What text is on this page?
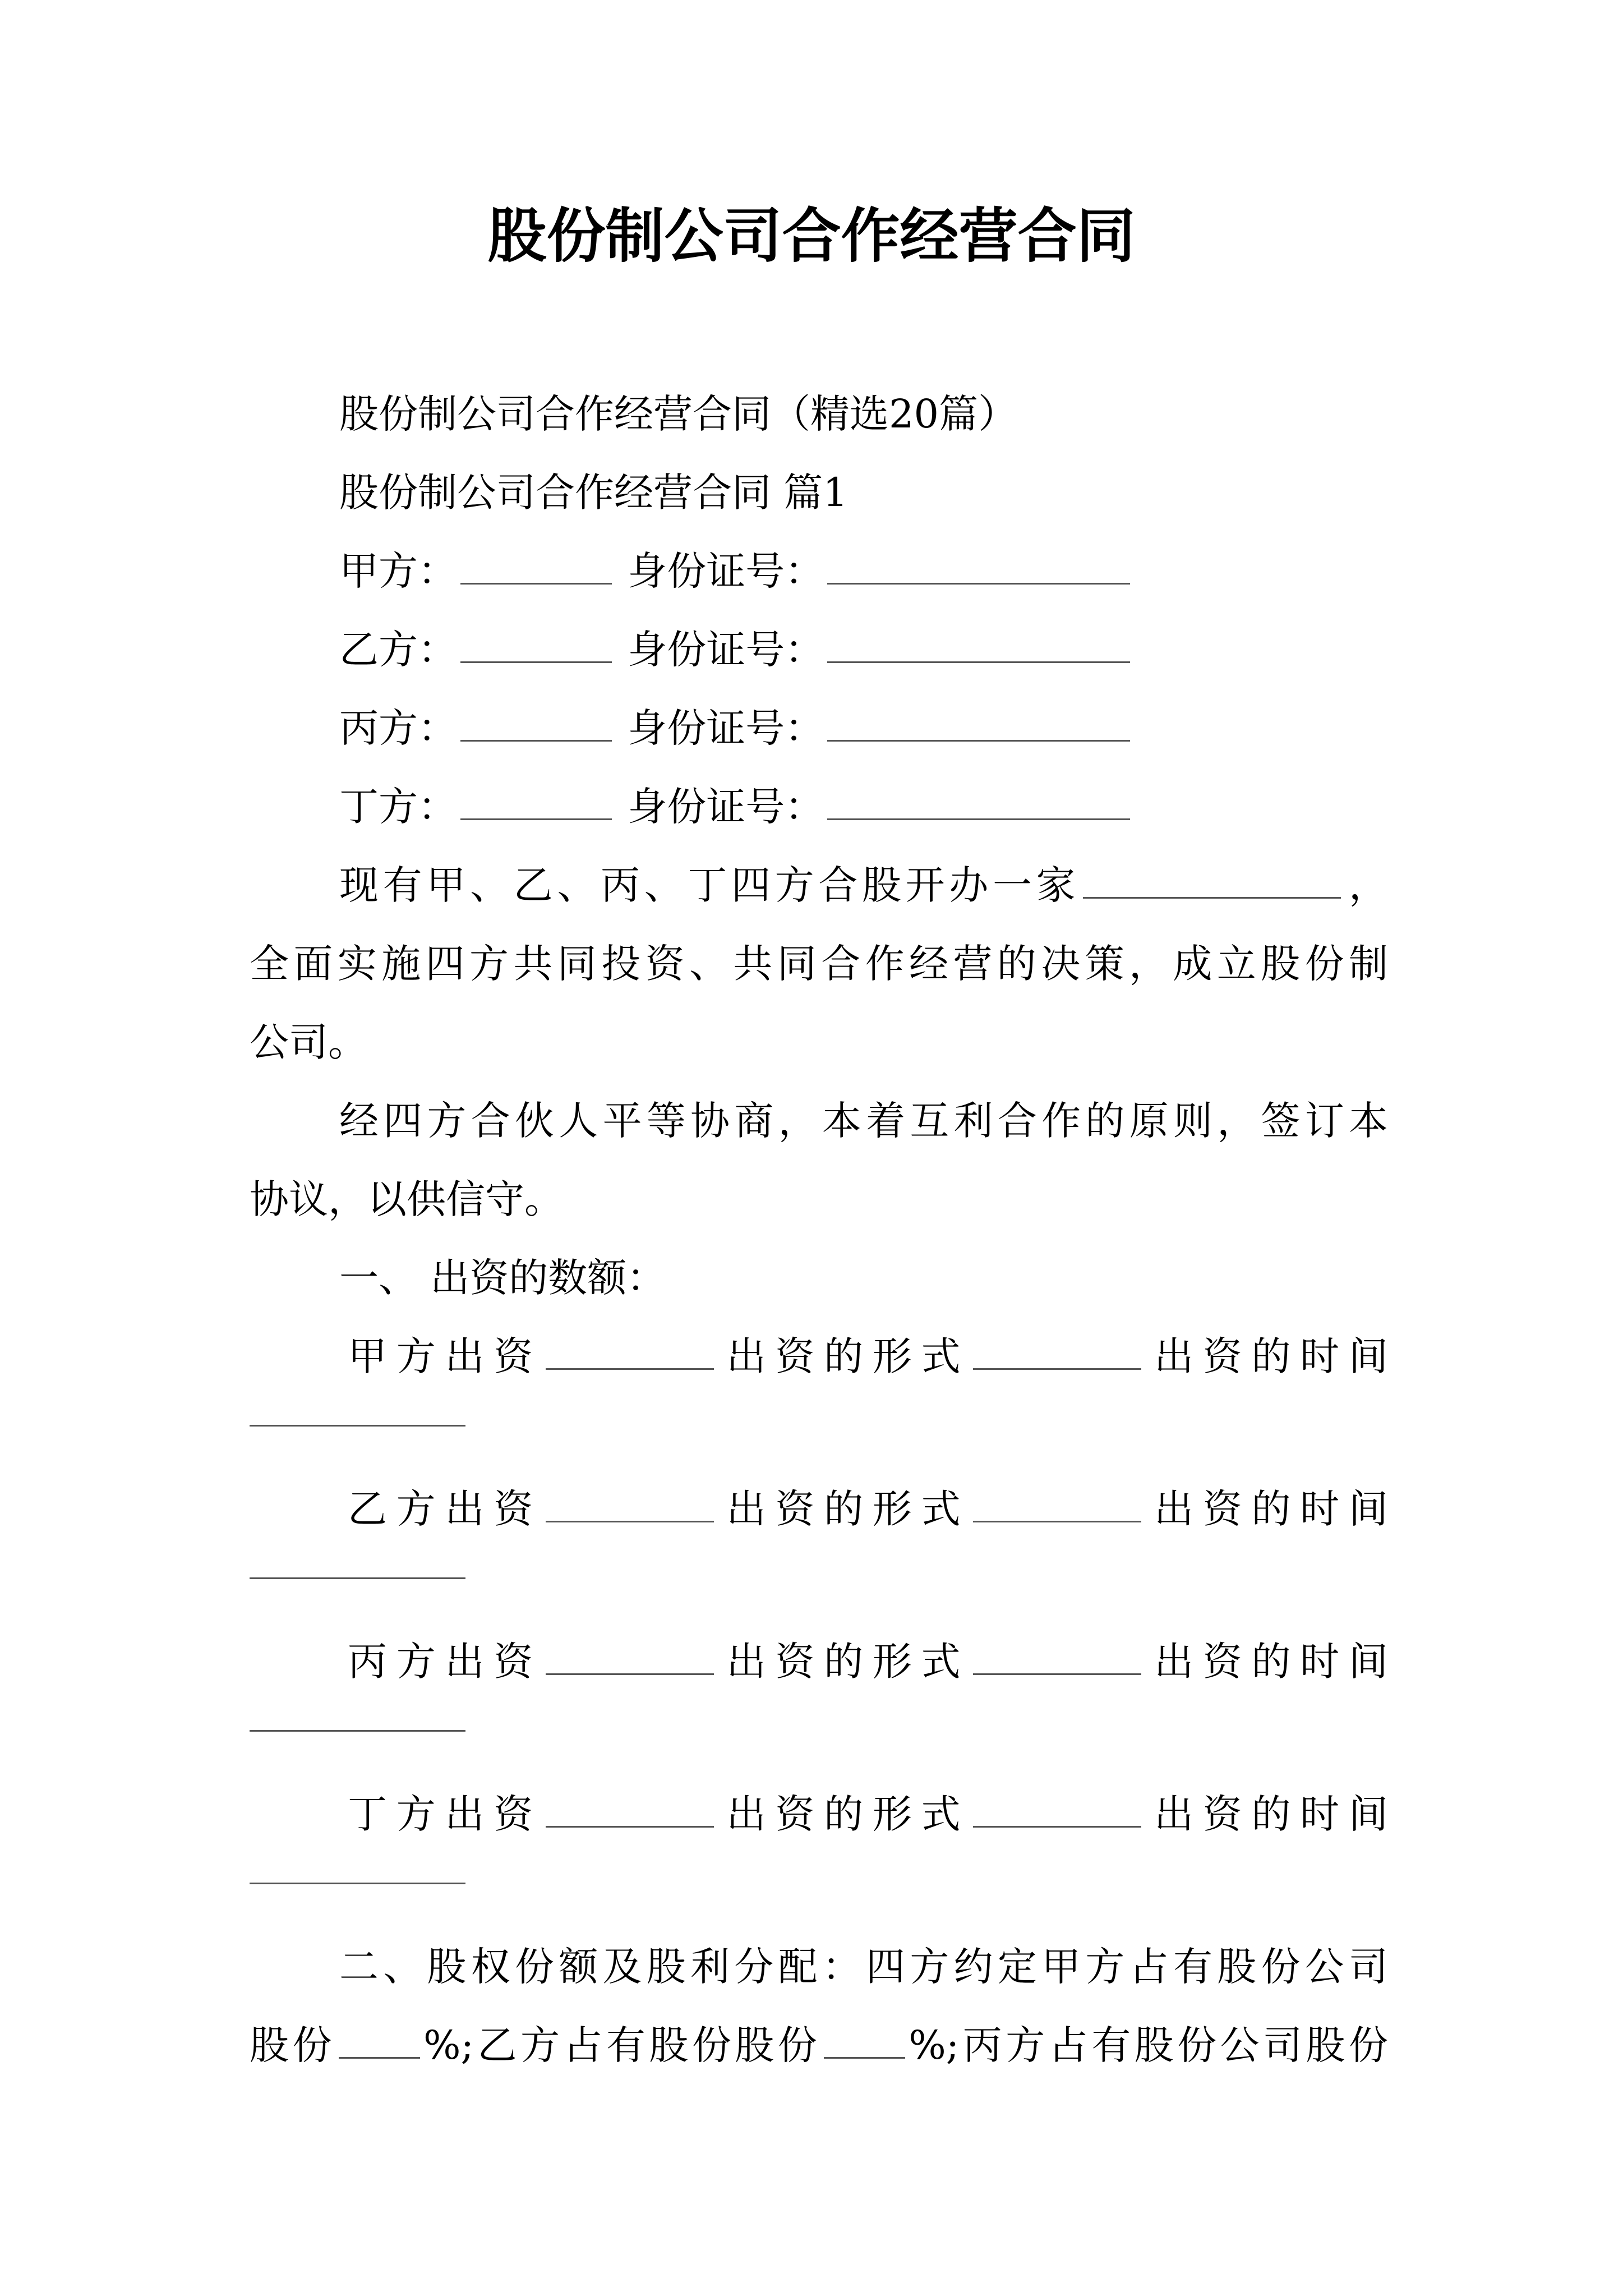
股份制公司合作经营合同
股份制公司合作经营合同（精选20篇）
股份制公司合作经营合同 篇1
甲方：	身份证号：
乙方：	身份证号：
丙方：	身份证号：
丁方：	身份证号：
现有甲、乙、丙、丁四方合股开办一家	，
全面实施四方共同投资、共同合作经营的决策，成立股份制
公司。
经四方合伙人平等协商，本着互利合作的原则，签订本
协议，以供信守。
一、 出资的数额：
甲方出资	出资的形式	出资的时间
乙方出资	出资的形式	出资的时间
丙方出资	出资的形式	出资的时间
丁方出资	出资的形式	出资的时间
二、股权份额及股利分配：四方约定甲方占有股份公司
股份 %;乙方占有股份股份 %;丙方占有股份公司股份
